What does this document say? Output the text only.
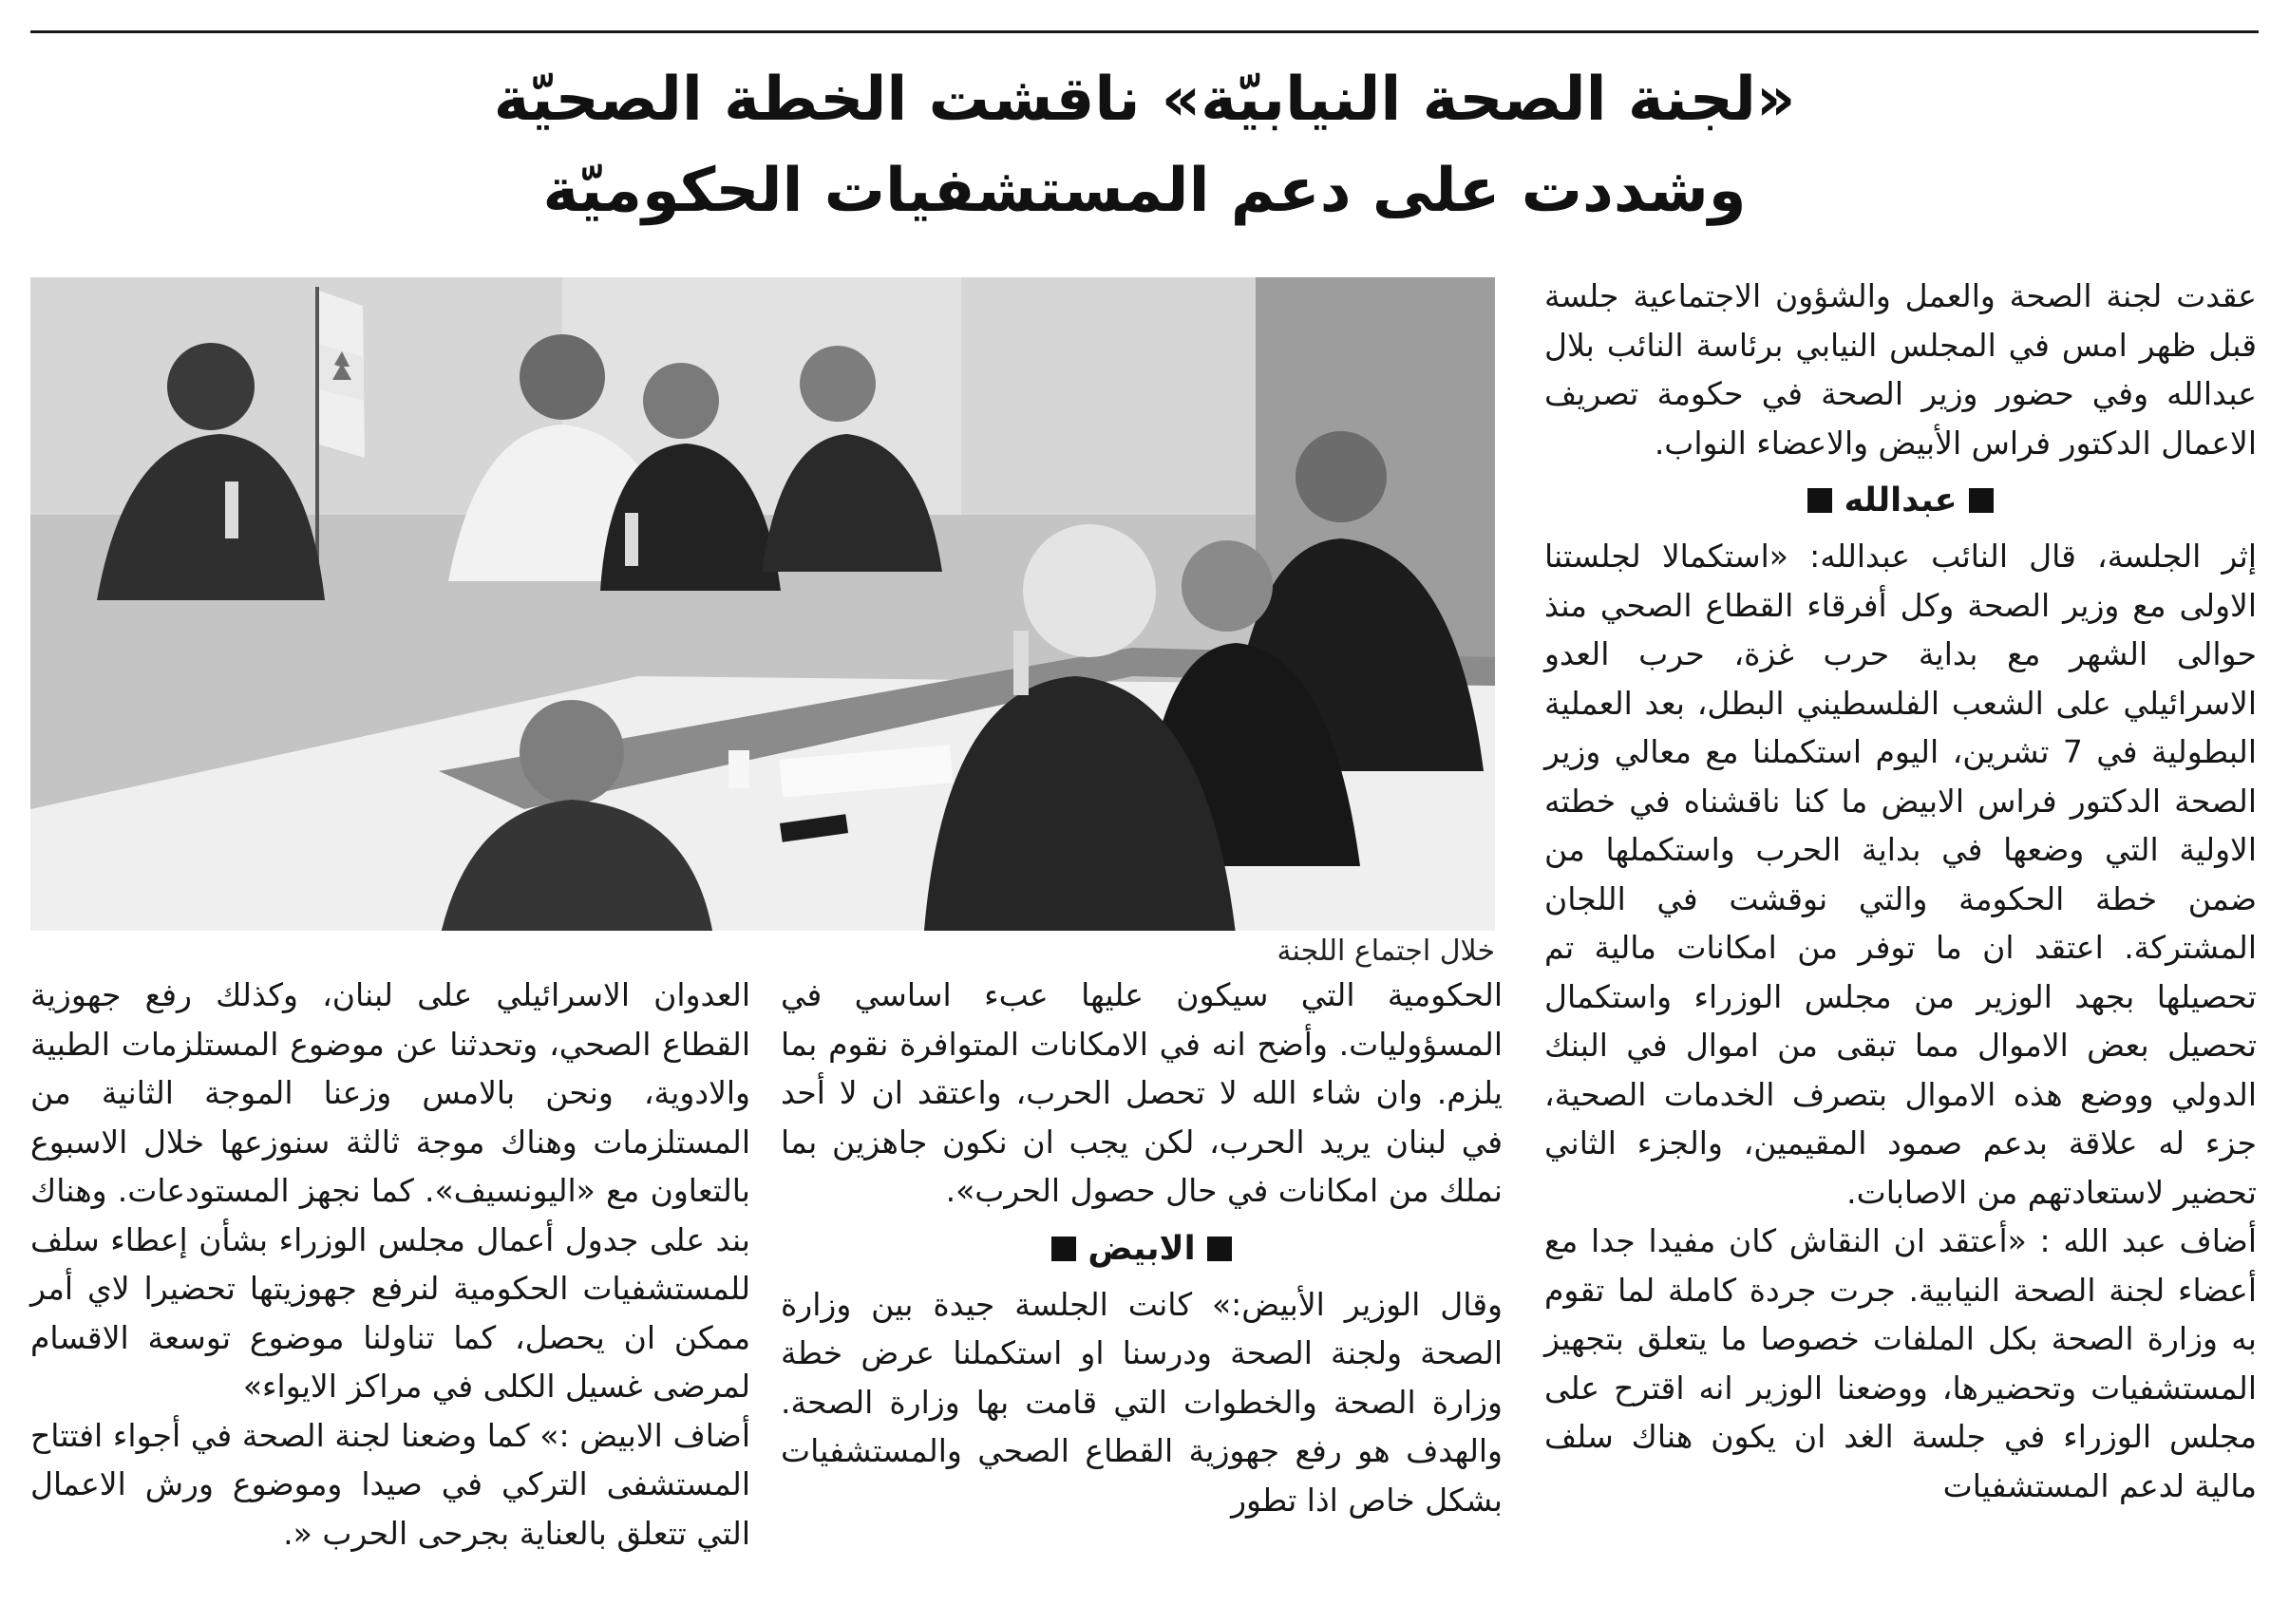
«لجنة الصحة النيابيّة» ناقشت الخطة الصحيّة
وشددت على دعم المستشفيات الحكوميّة

عقدت لجنة الصحة والعمل والشؤون الاجتماعية جلسة قبل ظهر امس في المجلس النيابي برئاسة النائب بلال عبدالله وفي حضور وزير الصحة في حكومة تصريف الاعمال الدكتور فراس الأبيض والاعضاء النواب.

عبدالله

إثر الجلسة، قال النائب عبدالله: «استكمالا لجلستنا الاولى مع وزير الصحة وكل أفرقاء القطاع الصحي منذ حوالى الشهر مع بداية حرب غزة، حرب العدو الاسرائيلي على الشعب الفلسطيني البطل، بعد العملية البطولية في 7 تشرين، اليوم استكملنا مع معالي وزير الصحة الدكتور فراس الابيض ما كنا ناقشناه في خطته الاولية التي وضعها في بداية الحرب واستكملها من ضمن خطة الحكومة والتي نوقشت في اللجان المشتركة. اعتقد ان ما توفر من امكانات مالية تم تحصيلها بجهد الوزير من مجلس الوزراء واستكمال تحصيل بعض الاموال مما تبقى من اموال في البنك الدولي ووضع هذه الاموال بتصرف الخدمات الصحية، جزء له علاقة بدعم صمود المقيمين، والجزء الثاني تحضير لاستعادتهم من الاصابات.

أضاف عبد الله : «أعتقد ان النقاش كان مفيدا جدا مع أعضاء لجنة الصحة النيابية. جرت جردة كاملة لما تقوم به وزارة الصحة بكل الملفات خصوصا ما يتعلق بتجهيز المستشفيات وتحضيرها، ووضعنا الوزير انه اقترح على مجلس الوزراء في جلسة الغد ان يكون هناك سلف مالية لدعم المستشفيات

خلال اجتماع اللجنة

الحكومية التي سيكون عليها عبء اساسي في المسؤوليات. وأضح انه في الامكانات المتوافرة نقوم بما يلزم. وان شاء الله لا تحصل الحرب، واعتقد ان لا أحد في لبنان يريد الحرب، لكن يجب ان نكون جاهزين بما نملك من امكانات في حال حصول الحرب».

الابيض

وقال الوزير الأبيض:» كانت الجلسة جيدة بين وزارة الصحة ولجنة الصحة ودرسنا او استكملنا عرض خطة وزارة الصحة والخطوات التي قامت بها وزارة الصحة. والهدف هو رفع جهوزية القطاع الصحي والمستشفيات بشكل خاص اذا تطور

العدوان الاسرائيلي على لبنان، وكذلك رفع جهوزية القطاع الصحي، وتحدثنا عن موضوع المستلزمات الطبية والادوية، ونحن بالامس وزعنا الموجة الثانية من المستلزمات وهناك موجة ثالثة سنوزعها خلال الاسبوع بالتعاون مع «اليونسيف». كما نجهز المستودعات. وهناك بند على جدول أعمال مجلس الوزراء بشأن إعطاء سلف للمستشفيات الحكومية لنرفع جهوزيتها تحضيرا لاي أمر ممكن ان يحصل، كما تناولنا موضوع توسعة الاقسام لمرضى غسيل الكلى في مراكز الايواء»

أضاف الابيض :» كما وضعنا لجنة الصحة في أجواء افتتاح المستشفى التركي في صيدا وموضوع ورش الاعمال التي تتعلق بالعناية بجرحى الحرب «.
